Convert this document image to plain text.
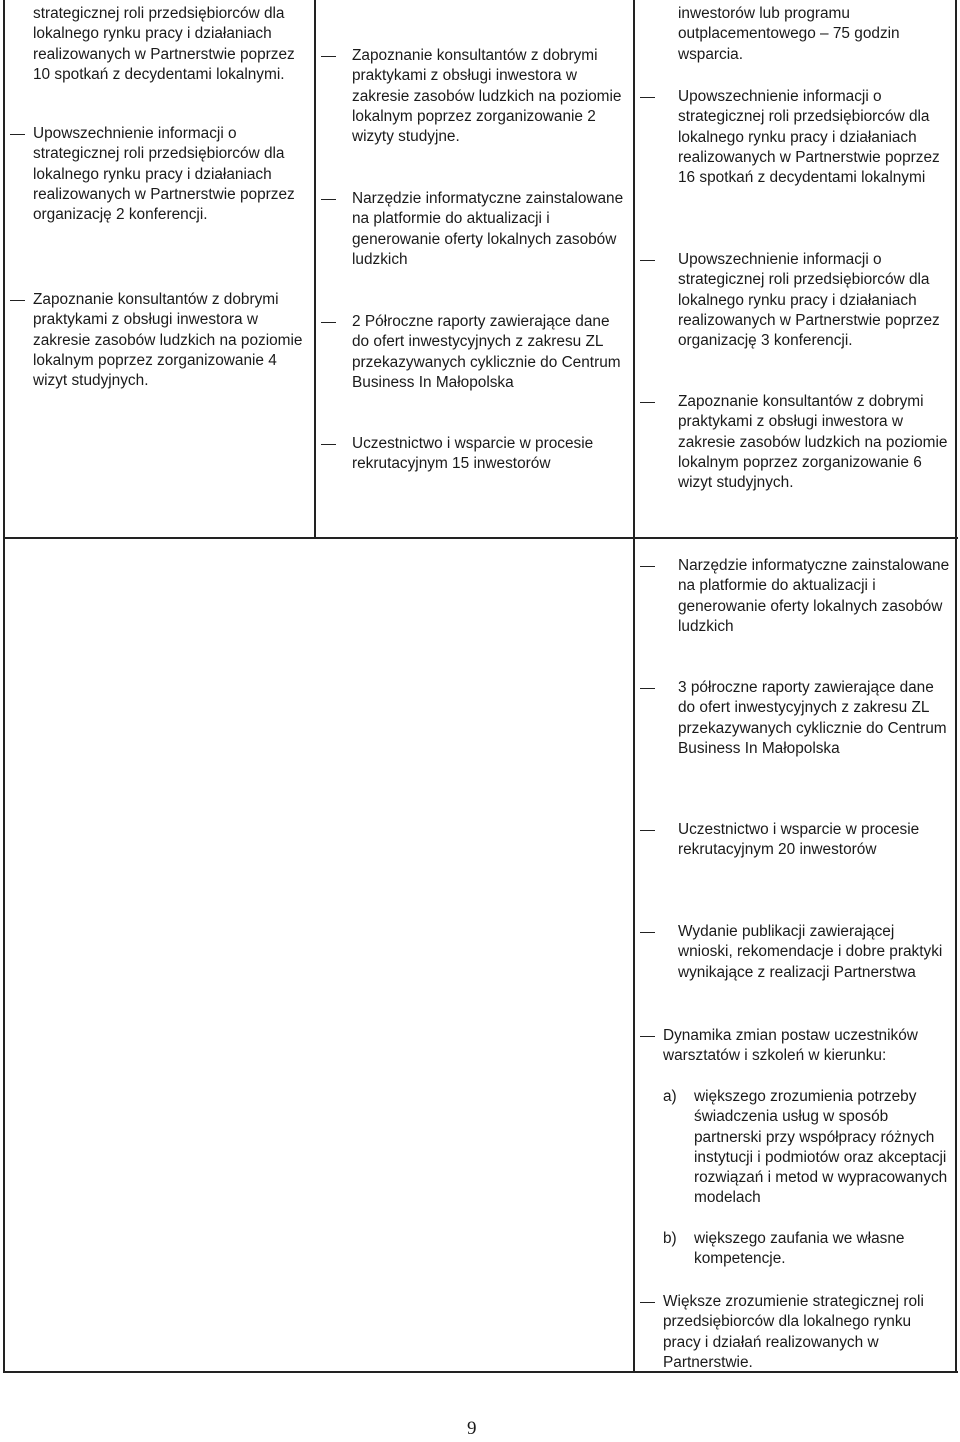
strategicznej roli przedsiębiorców dla lokalnego rynku pracy i działaniach realizowanych w Partnerstwie poprzez 10 spotkań z decydentami lokalnymi.

Upowszechnienie informacji o strategicznej roli przedsiębiorców dla lokalnego rynku pracy i działaniach realizowanych w Partnerstwie poprzez organizację 2 konferencji.
Zapoznanie konsultantów z dobrymi praktykami z obsługi inwestora w zakresie zasobów ludzkich na poziomie lokalnym poprzez zorganizowanie 4 wizyt studyjnych.
Zapoznanie konsultantów z dobrymi praktykami z obsługi inwestora w zakresie zasobów ludzkich na poziomie lokalnym poprzez zorganizowanie 2 wizyty studyjne.
Narzędzie informatyczne zainstalowane na platformie do aktualizacji i generowanie oferty lokalnych zasobów ludzkich
2 Półroczne raporty zawierające dane do ofert inwestycyjnych z zakresu ZL przekazywanych cyklicznie do Centrum Business In Małopolska
Uczestnictwo i wsparcie w procesie rekrutacyjnym 15 inwestorów

inwestorów lub programu outplacementowego – 75 godzin wsparcia.

Upowszechnienie informacji o strategicznej roli przedsiębiorców dla lokalnego rynku pracy i działaniach realizowanych w Partnerstwie poprzez 16 spotkań z decydentami lokalnymi
Upowszechnienie informacji o strategicznej roli przedsiębiorców dla lokalnego rynku pracy i działaniach realizowanych w Partnerstwie poprzez organizację 3 konferencji.
Zapoznanie konsultantów z dobrymi praktykami z obsługi inwestora w zakresie zasobów ludzkich na poziomie lokalnym poprzez zorganizowanie 6 wizyt studyjnych.
Narzędzie informatyczne zainstalowane na platformie do aktualizacji i generowanie oferty lokalnych zasobów ludzkich
3 półroczne raporty zawierające dane do ofert inwestycyjnych z zakresu ZL przekazywanych cyklicznie do Centrum Business In Małopolska
Uczestnictwo i wsparcie w procesie rekrutacyjnym 20 inwestorów
Wydanie publikacji zawierającej wnioski, rekomendacje i dobre praktyki wynikające z realizacji Partnerstwa
Dynamika zmian postaw uczestników warsztatów i szkoleń w kierunku:
a) większego zrozumienia potrzeby świadczenia usług w sposób partnerski przy współpracy różnych instytucji i podmiotów oraz akceptacji rozwiązań i metod w wypracowanych modelach
b) większego zaufania we własne kompetencje.
Większe zrozumienie strategicznej roli przedsiębiorców dla lokalnego rynku pracy i działań realizowanych w Partnerstwie.
9
